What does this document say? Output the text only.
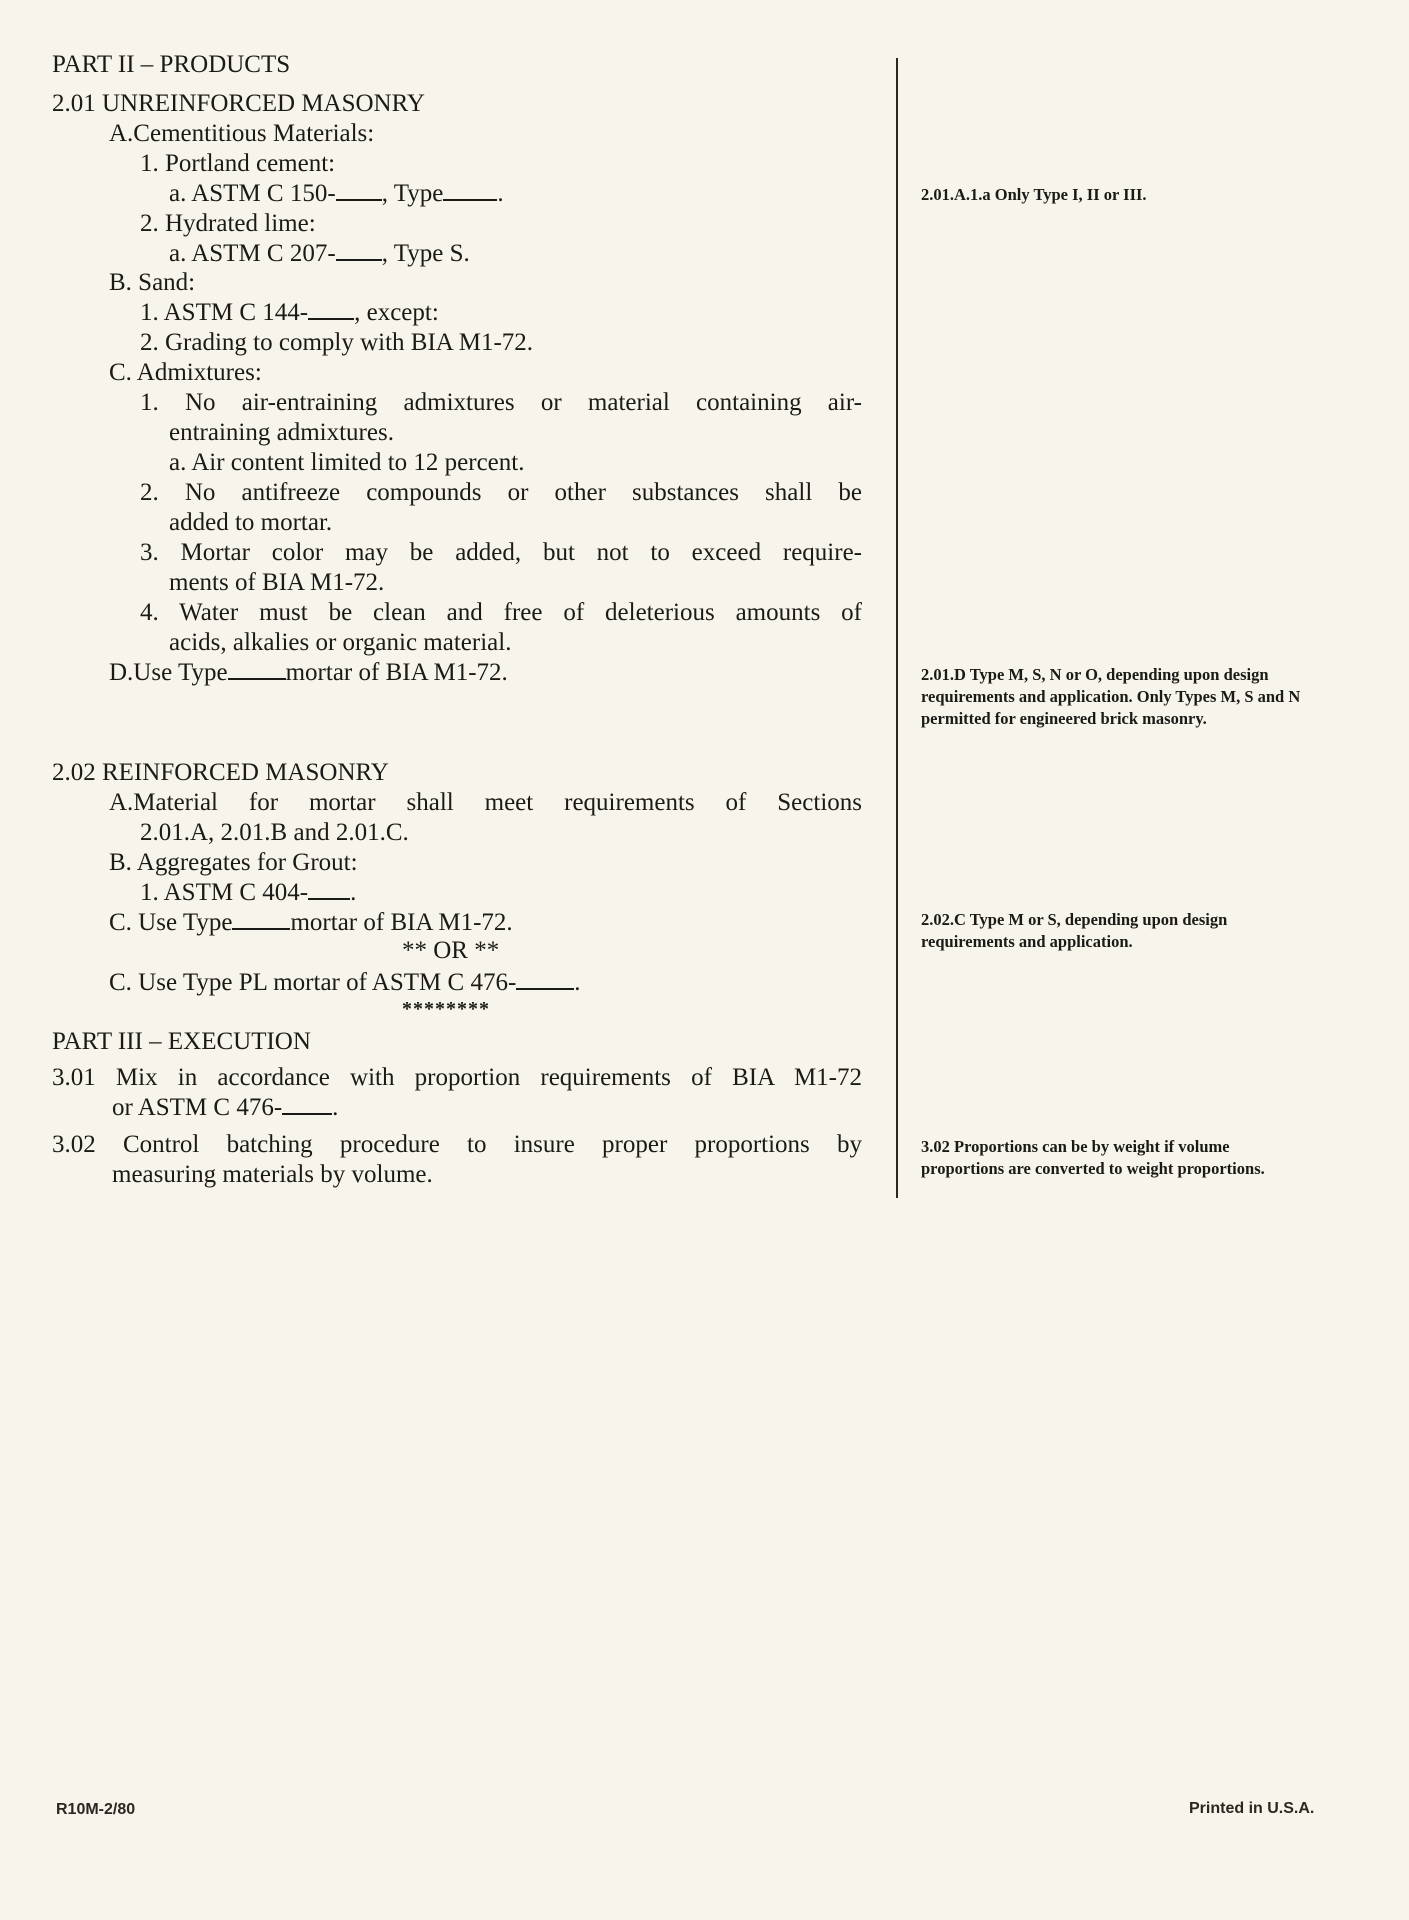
PART II – PRODUCTS
2.01 UNREINFORCED MASONRY
A.Cementitious Materials:
1. Portland cement:
a. ASTM C 150- , Type .
2. Hydrated lime:
a. ASTM C 207- , Type S.
B. Sand:
1. ASTM C 144- , except:
2. Grading to comply with BIA M1-72.
C. Admixtures:
1. No air-entraining admixtures or material containing air-
entraining admixtures.
a. Air content limited to 12 percent.
2. No antifreeze compounds or other substances shall be
added to mortar.
3. Mortar color may be added, but not to exceed require-
ments of BIA M1-72.
4. Water must be clean and free of deleterious amounts of
acids, alkalies or organic material.
D.Use Type mortar of BIA M1-72.
2.02 REINFORCED MASONRY
A.Material for mortar shall meet requirements of Sections
2.01.A, 2.01.B and 2.01.C.
B. Aggregates for Grout:
1. ASTM C 404- .
C. Use Type mortar of BIA M1-72.
** OR **
C. Use Type PL mortar of ASTM C 476- .
********
PART III – EXECUTION
3.01 Mix in accordance with proportion requirements of BIA M1-72
or ASTM C 476- .
3.02 Control batching procedure to insure proper proportions by
measuring materials by volume.
2.01.A.1.a Only Type I, II or III.
2.01.D Type M, S, N or O, depending upon design requirements and application. Only Types M, S and N permitted for engineered brick masonry.
2.02.C Type M or S, depending upon design requirements and application.
3.02 Proportions can be by weight if volume proportions are converted to weight proportions.
R10M-2/80	Printed in U.S.A.
